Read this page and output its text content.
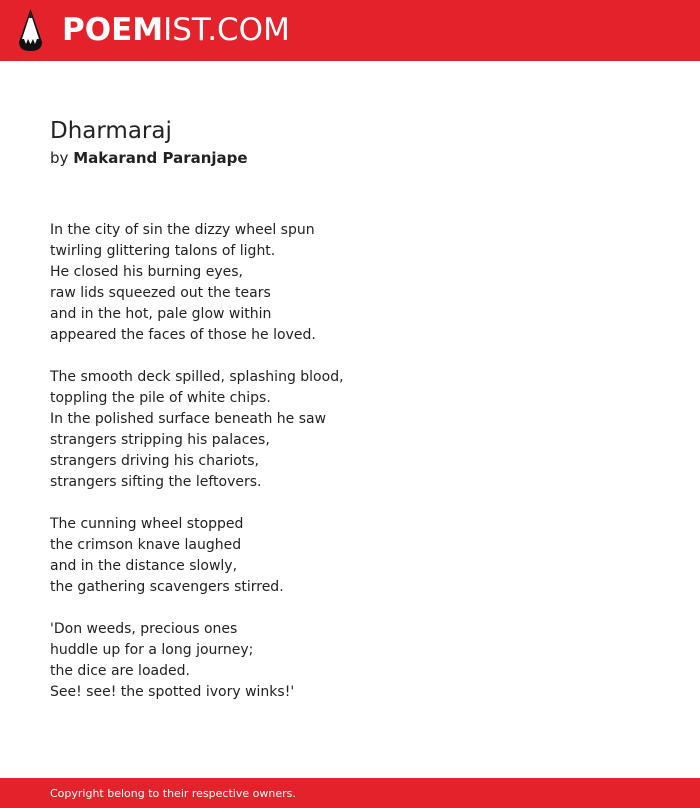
POEMIST.COM
Dharmaraj
by Makarand Paranjape
In the city of sin the dizzy wheel spun
twirling glittering talons of light.
He closed his burning eyes,
raw lids squeezed out the tears
and in the hot, pale glow within
appeared the faces of those he loved.
The smooth deck spilled, splashing blood,
toppling the pile of white chips.
In the polished surface beneath he saw
strangers stripping his palaces,
strangers driving his chariots,
strangers sifting the leftovers.
The cunning wheel stopped
the crimson knave laughed
and in the distance slowly,
the gathering scavengers stirred.
'Don weeds, precious ones
huddle up for a long journey;
the dice are loaded.
See! see! the spotted ivory winks!'
Copyright belong to their respective owners.
